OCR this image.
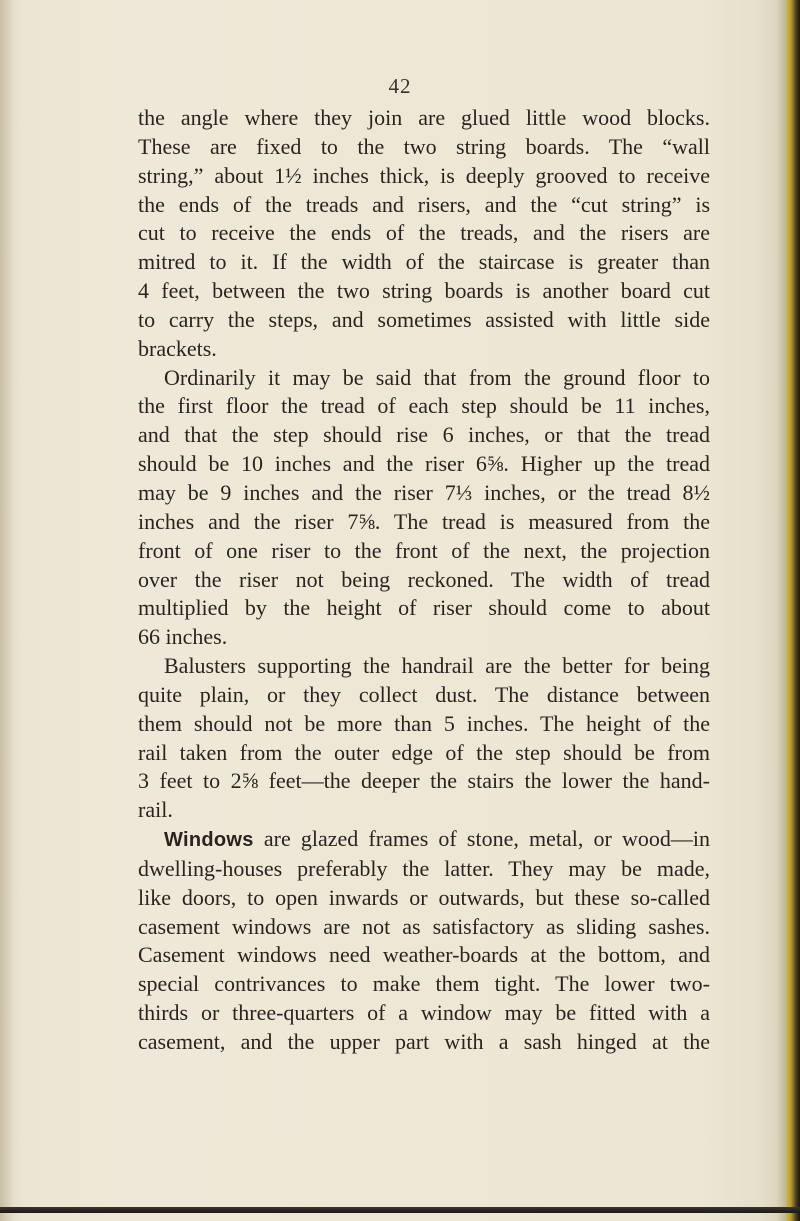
42

the angle where they join are glued little wood blocks.
These are fixed to the two string boards. The “wall
string,” about 1½ inches thick, is deeply grooved to receive
the ends of the treads and risers, and the “cut string” is
cut to receive the ends of the treads, and the risers are
mitred to it. If the width of the staircase is greater than
4 feet, between the two string boards is another board cut
to carry the steps, and sometimes assisted with little side
brackets.

Ordinarily it may be said that from the ground floor to
the first floor the tread of each step should be 11 inches,
and that the step should rise 6 inches, or that the tread
should be 10 inches and the riser 6⅝. Higher up the tread
may be 9 inches and the riser 7⅓ inches, or the tread 8½
inches and the riser 7⅝. The tread is measured from the
front of one riser to the front of the next, the projection
over the riser not being reckoned. The width of tread
multiplied by the height of riser should come to about
66 inches.

Balusters supporting the handrail are the better for being
quite plain, or they collect dust. The distance between
them should not be more than 5 inches. The height of the
rail taken from the outer edge of the step should be from
3 feet to 2⅝ feet—the deeper the stairs the lower the hand-
rail.

Windows are glazed frames of stone, metal, or wood—in
dwelling-houses preferably the latter. They may be made,
like doors, to open inwards or outwards, but these so-called
casement windows are not as satisfactory as sliding sashes.
Casement windows need weather-boards at the bottom, and
special contrivances to make them tight. The lower two-
thirds or three-quarters of a window may be fitted with a
casement, and the upper part with a sash hinged at the
